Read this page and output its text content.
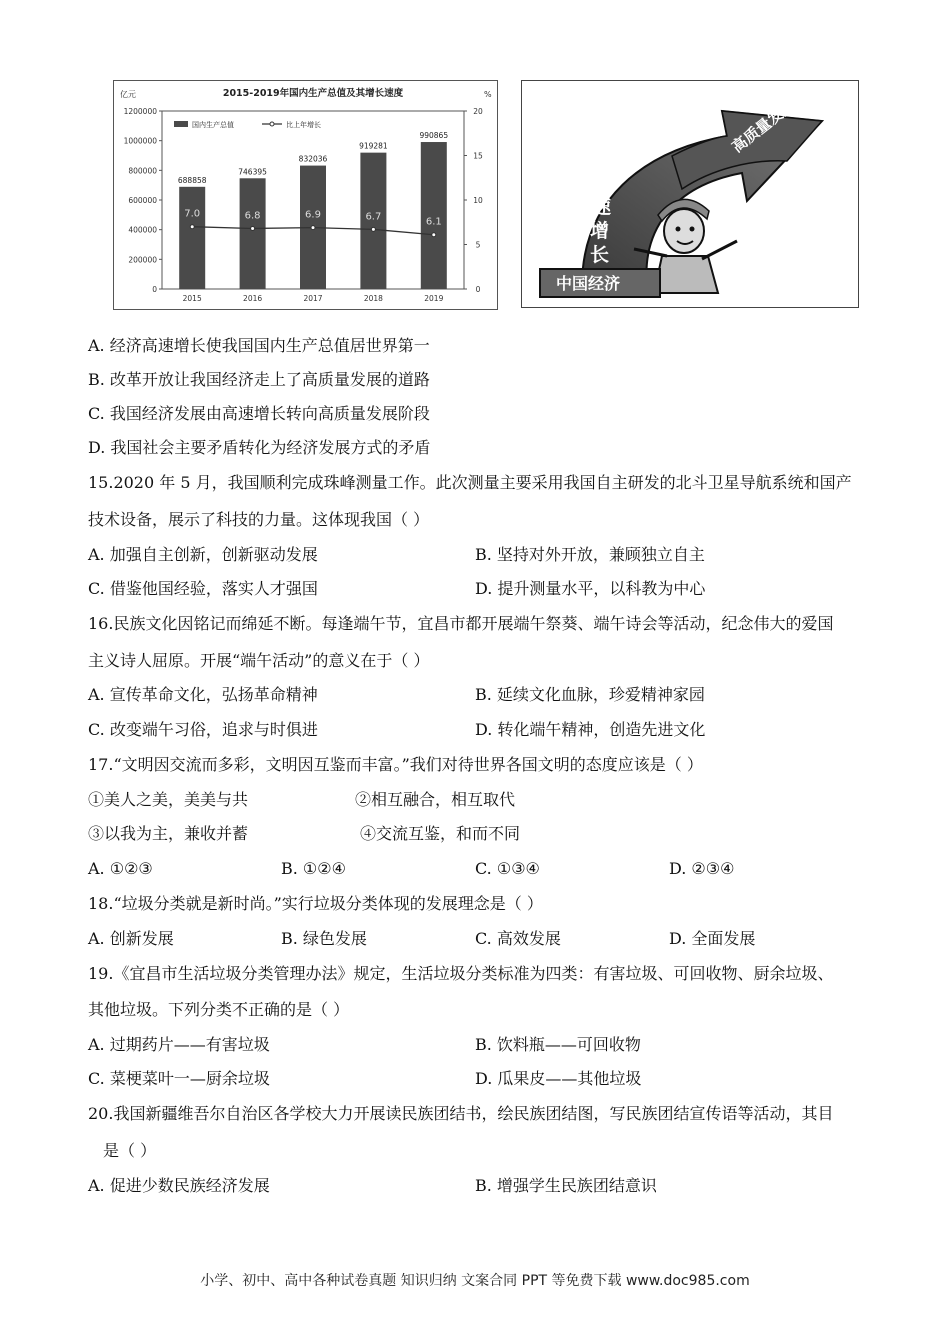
2015-2019年国内生产总值及其增长速度
亿元	%
0
200000
400000
600000
800000
1000000
1200000
0
5
10
15
20
688858
2015
746395
2016
832036
2017
919281
2018
990865
2019
7.0	6.8	6.9	6.7	6.1
国内生产总值	比上年增长	高质量发展
高
速
增
长
中国经济
A. 经济高速增长使我国国内生产总值居世界第一
B. 改革开放让我国经济走上了高质量发展的道路
C. 我国经济发展由高速增长转向高质量发展阶段
D. 我国社会主要矛盾转化为经济发展方式的矛盾
15.2020 年 5 月，我国顺利完成珠峰测量工作。此次测量主要采用我国自主研发的北斗卫星导航系统和国产
技术设备，展示了科技的力量。这体现我国（ ）
A. 加强自主创新，创新驱动发展	B. 坚持对外开放，兼顾独立自主
C. 借鉴他国经验，落实人才强国	D. 提升测量水平，以科教为中心
16.民族文化因铭记而绵延不断。每逢端午节，宜昌市都开展端午祭葵、端午诗会等活动，纪念伟大的爱国
主义诗人屈原。开展“端午活动”的意义在于（ ）
A. 宣传革命文化，弘扬革命精神	B. 延续文化血脉，珍爱精神家园
C. 改变端午习俗，追求与时俱进	D. 转化端午精神，创造先进文化
17.“文明因交流而多彩，文明因互鉴而丰富。”我们对待世界各国文明的态度应该是（ ）
①美人之美，美美与共	②相互融合，相互取代
③以我为主，兼收并蓄	④交流互鉴，和而不同
A. ①②③	B. ①②④	C. ①③④	D. ②③④
18.“垃圾分类就是新时尚。”实行垃圾分类体现的发展理念是（ ）
A. 创新发展	B. 绿色发展	C. 高效发展	D. 全面发展
19.《宜昌市生活垃圾分类管理办法》规定，生活垃圾分类标准为四类：有害垃圾、可回收物、厨余垃圾、
其他垃圾。下列分类不正确的是（ ）
A. 过期药片——有害垃圾	B. 饮料瓶——可回收物
C. 菜梗菜叶一—厨余垃圾	D. 瓜果皮——其他垃圾
20.我国新疆维吾尔自治区各学校大力开展读民族团结书，绘民族团结图，写民族团结宣传语等活动，其目
是（ ）
A. 促进少数民族经济发展	B. 增强学生民族团结意识
小学、初中、高中各种试卷真题 知识归纳 文案合同 PPT 等免费下载 www.doc985.com
